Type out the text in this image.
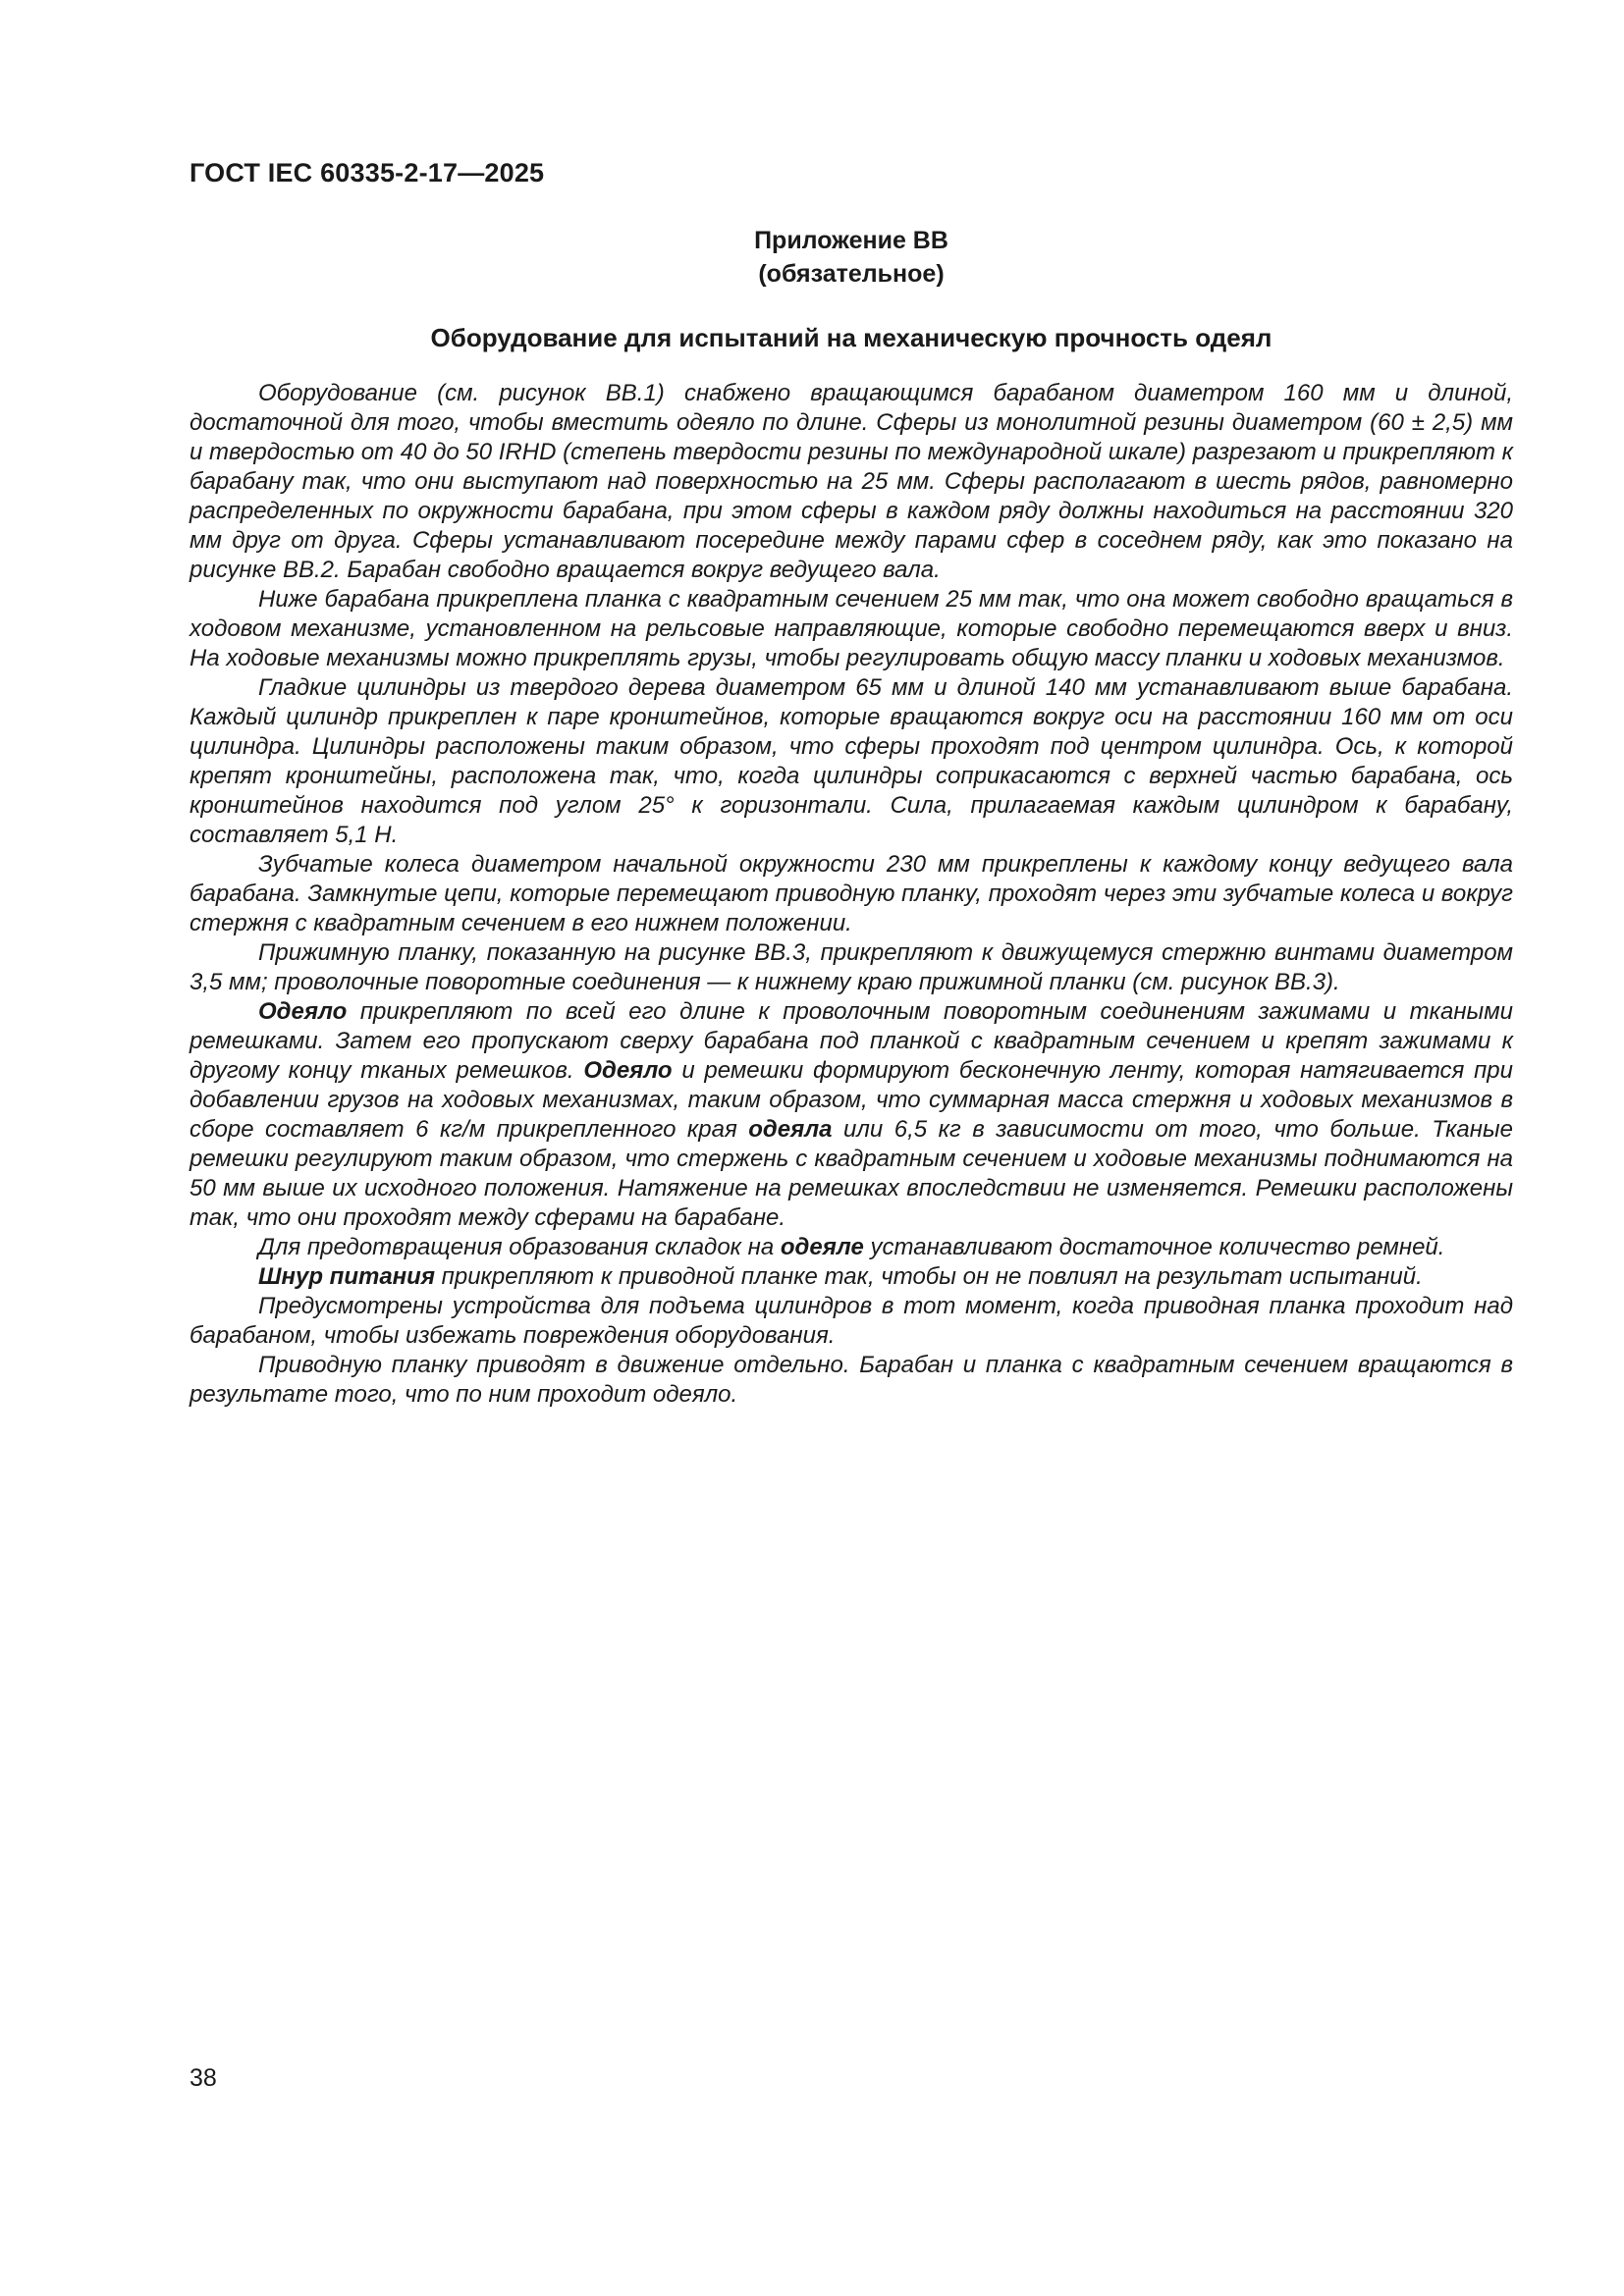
ГОСТ IEC 60335-2-17—2025
Приложение ВВ
(обязательное)
Оборудование для испытаний на механическую прочность одеял

Оборудование (см. рисунок ВВ.1) снабжено вращающимся барабаном диаметром 160 мм и длиной, достаточной для того, чтобы вместить одеяло по длине. Сферы из монолитной резины диаметром (60 ± 2,5) мм и твердостью от 40 до 50 IRHD (степень твердости резины по международной шкале) разрезают и прикрепляют к барабану так, что они выступают над поверхностью на 25 мм. Сферы располагают в шесть рядов, равномерно распределенных по окружности барабана, при этом сферы в каждом ряду должны находиться на расстоянии 320 мм друг от друга. Сферы устанавливают посередине между парами сфер в соседнем ряду, как это показано на рисунке ВВ.2. Барабан свободно вращается вокруг ведущего вала.

Ниже барабана прикреплена планка с квадратным сечением 25 мм так, что она может свободно вращаться в ходовом механизме, установленном на рельсовые направляющие, которые свободно перемещаются вверх и вниз. На ходовые механизмы можно прикреплять грузы, чтобы регулировать общую массу планки и ходовых механизмов.

Гладкие цилиндры из твердого дерева диаметром 65 мм и длиной 140 мм устанавливают выше барабана. Каждый цилиндр прикреплен к паре кронштейнов, которые вращаются вокруг оси на расстоянии 160 мм от оси цилиндра. Цилиндры расположены таким образом, что сферы проходят под центром цилиндра. Ось, к которой крепят кронштейны, расположена так, что, когда цилиндры соприкасаются с верхней частью барабана, ось кронштейнов находится под углом 25° к горизонтали. Сила, прилагаемая каждым цилиндром к барабану, составляет 5,1 Н.

Зубчатые колеса диаметром начальной окружности 230 мм прикреплены к каждому концу ведущего вала барабана. Замкнутые цепи, которые перемещают приводную планку, проходят через эти зубчатые колеса и вокруг стержня с квадратным сечением в его нижнем положении.

Прижимную планку, показанную на рисунке ВВ.3, прикрепляют к движущемуся стержню винтами диаметром 3,5 мм; проволочные поворотные соединения — к нижнему краю прижимной планки (см. рисунок ВВ.3).

Одеяло прикрепляют по всей его длине к проволочным поворотным соединениям зажимами и ткаными ремешками. Затем его пропускают сверху барабана под планкой с квадратным сечением и крепят зажимами к другому концу тканых ремешков. Одеяло и ремешки формируют бесконечную ленту, которая натягивается при добавлении грузов на ходовых механизмах, таким образом, что суммарная масса стержня и ходовых механизмов в сборе составляет 6 кг/м прикрепленного края одеяла или 6,5 кг в зависимости от того, что больше. Тканые ремешки регулируют таким образом, что стержень с квадратным сечением и ходовые механизмы поднимаются на 50 мм выше их исходного положения. Натяжение на ремешках впоследствии не изменяется. Ремешки расположены так, что они проходят между сферами на барабане.

Для предотвращения образования складок на одеяле устанавливают достаточное количество ремней.

Шнур питания прикрепляют к приводной планке так, чтобы он не повлиял на результат испытаний.

Предусмотрены устройства для подъема цилиндров в тот момент, когда приводная планка проходит над барабаном, чтобы избежать повреждения оборудования.

Приводную планку приводят в движение отдельно. Барабан и планка с квадратным сечением вращаются в результате того, что по ним проходит одеяло.

38
